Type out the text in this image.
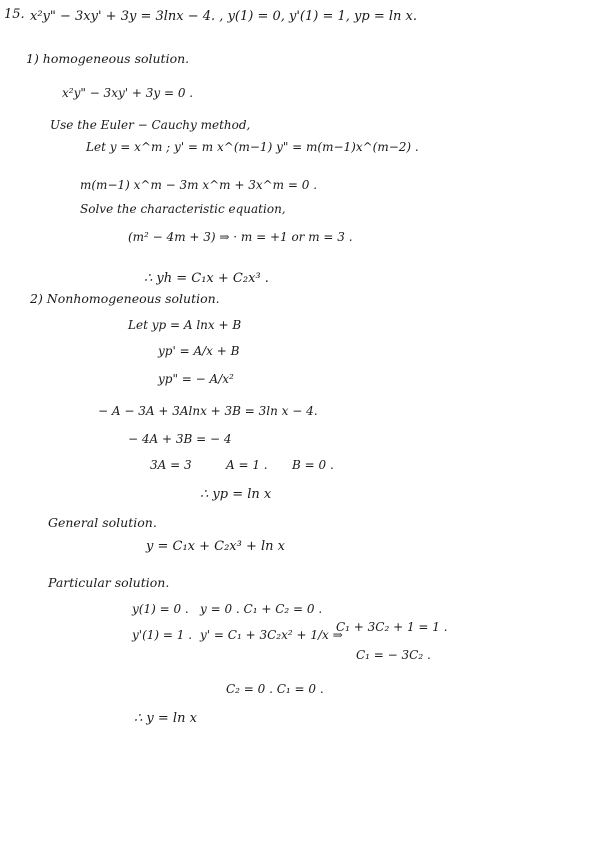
15. x²y" − 3xy' + 3y = 3lnx − 4. , y(1) = 0, y'(1) = 1, yp = ln x.
1) homogeneous solution.
x²y" − 3xy' + 3y = 0 .
Use the Euler − Cauchy method,
Let y = x^m ; y' = m x^(m−1) y" = m(m−1)x^(m−2) .
m(m−1) x^m − 3m x^m + 3x^m = 0 .
Solve the characteristic equation,
(m² − 4m + 3) ⇒ · m = +1 or m = 3 .
∴ yh = C₁x + C₂x³ .
2) Nonhomogeneous solution.
Let yp = A lnx + B
yp' = A/x + B
yp" = − A/x²
− A − 3A + 3Alnx + 3B = 3ln x − 4.
− 4A + 3B = − 4
3A = 3	A = 1 . B = 0 .
∴ yp = ln x
General solution.
y = C₁x + C₂x³ + ln x
Particular solution.
y(1) = 0 . y = 0 . C₁ + C₂ = 0 .
y'(1) = 1 . y' = C₁ + 3C₂x² + 1/x ⇒
C₁ + 3C₂ + 1 = 1 .
C₁ = − 3C₂ .
C₂ = 0 . C₁ = 0 .
∴ y = ln x
